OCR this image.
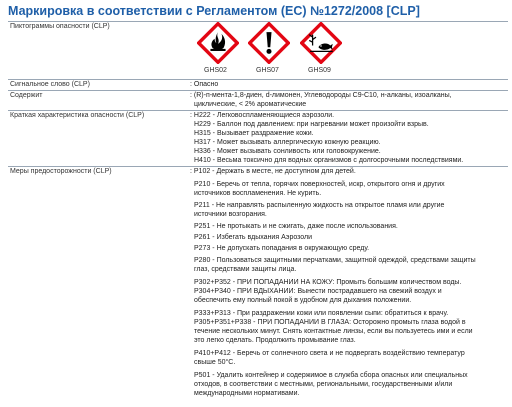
Маркировка в соответствии с Регламентом (ЕС) №1272/2008 [CLP]
Пиктограммы опасности (CLP)
GHS02	GHS07	GHS09
Сигнальное слово (CLP)	: Опасно
Содержит	: (R)-п-мента-1,8-диен, d-лимонен, Углеводороды C9-C10, н-алканы, изоалканы,
циклические, < 2% ароматические
Краткая характеристика опасности (CLP)	: H222 - Легковоспламеняющиеся аэрозоли.
H229 - Баллон под давлением: при нагревании может произойти взрыв.
H315 - Вызывает раздражение кожи.
H317 - Может вызывать аллергическую кожную реакцию.
H336 - Может вызывать сонливость или головокружение.
H410 - Весьма токсично для водных организмов с долгосрочными последствиями.
Меры предосторожности (CLP)	: P102 - Держать в месте, не доступном для детей.
P210 - Беречь от тепла, горячих поверхностей, искр, открытого огня и других
источников воспламенения. Не курить.
P211 - Не направлять распыленную жидкость на открытое пламя или другие
источники возгорания.
P251 - Не протыкать и не сжигать, даже после использования.
P261 - Избегать вдыхания Аэрозоли
P273 - Не допускать попадания в окружающую среду.
P280 - Пользоваться защитными перчатками, защитной одеждой, средствами защиты
глаз, средствами защиты лица.
P302+P352 - ПРИ ПОПАДАНИИ НА КОЖУ: Промыть большим количеством воды.
P304+P340 - ПРИ ВДЫХАНИИ: Вынести пострадавшего на свежий воздух и
обеспечить ему полный покой в удобном для дыхания положении.
P333+P313 - При раздражении кожи или появлении сыпи: обратиться к врачу.
P305+P351+P338 - ПРИ ПОПАДАНИИ В ГЛАЗА: Осторожно промыть глаза водой в
течение нескольких минут. Снять контактные линзы, если вы пользуетесь ими и если
это легко сделать. Продолжить промывание глаз.
P410+P412 - Беречь от солнечного света и не подвергать воздействию температур
свыше 50°C.
P501 - Удалить контейнер и содержимое в служба сбора опасных или специальных
отходов, в соответствии с местными, региональными, государственными и/или
международными нормативами.
